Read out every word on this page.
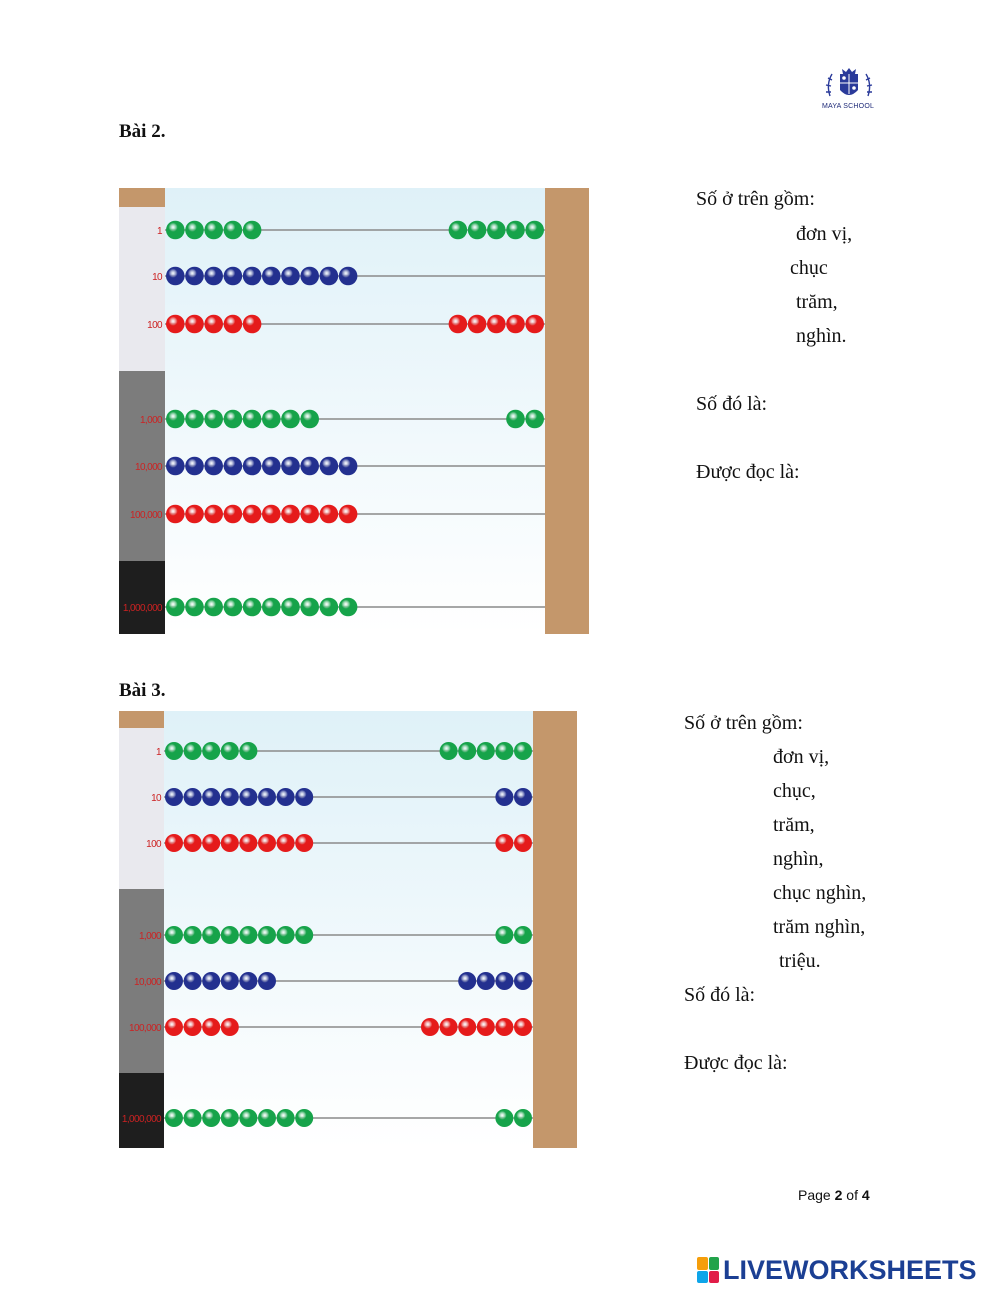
MAYA SCHOOL
Bài 2.
1
10
100
1,000
10,000
100,000
1,000,000
Số ở trên gồm:
đơn vị,
chục
trăm,
nghìn.
Số đó là:
Được đọc là:
Bài 3.
1
10
100
1,000
10,000
100,000
1,000,000
Số ở trên gồm:
đơn vị,
chục,
trăm,
nghìn,
chục nghìn,
trăm nghìn,
triệu.
Số đó là:
Được đọc là:
Page 2 of 4
LIVEWORKSHEETS
